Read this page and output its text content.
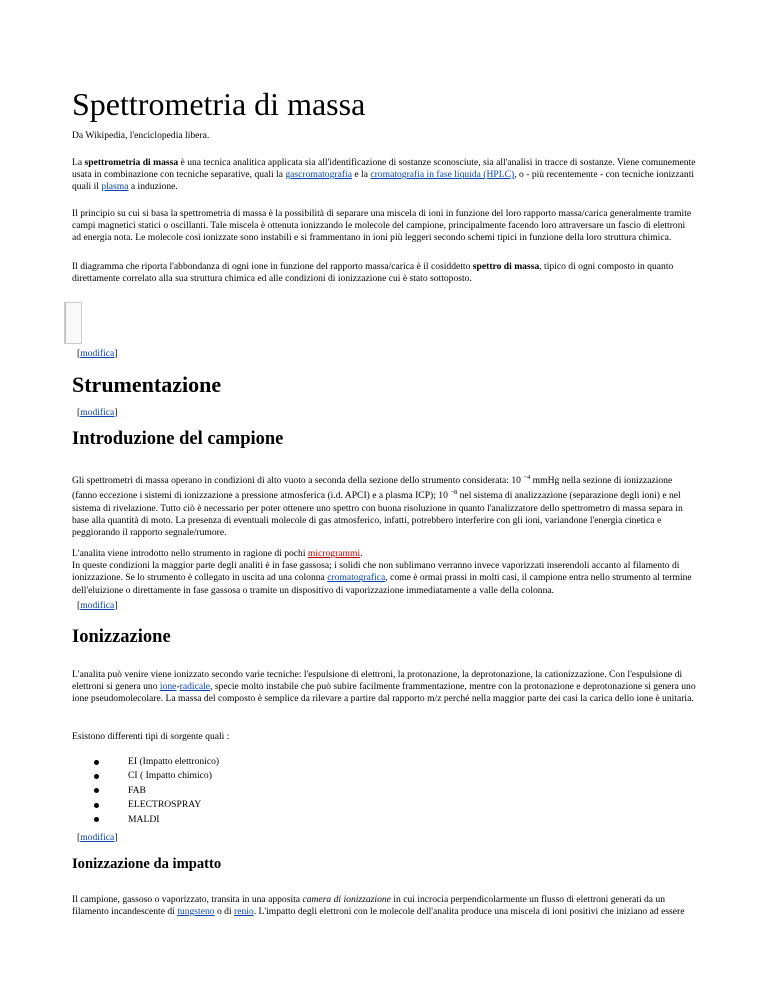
Spettrometria di massa

Da Wikipedia, l'enciclopedia libera.

La spettrometria di massa è una tecnica analitica applicata sia all'identificazione di sostanze sconosciute, sia all'analisi in tracce di sostanze. Viene comunemente usata in combinazione con tecniche separative, quali la gascromatografia e la cromatografia in fase liquida (HPLC), o - più recentemente - con tecniche ionizzanti quali il plasma a induzione.

Il principio su cui si basa la spettrometria di massa è la possibilità di separare una miscela di ioni in funzione del loro rapporto massa/carica generalmente tramite campi magnetici statici o oscillanti. Tale miscela è ottenuta ionizzando le molecole del campione, principalmente facendo loro attraversare un fascio di elettroni ad energia nota. Le molecole così ionizzate sono instabili e si frammentano in ioni più leggeri secondo schemi tipici in funzione della loro struttura chimica.

Il diagramma che riporta l'abbondanza di ogni ione in funzione del rapporto massa/carica è il cosiddetto spettro di massa, tipico di ogni composto in quanto direttamente correlato alla sua struttura chimica ed alle condizioni di ionizzazione cui è stato sottoposto.

[modifica]
Strumentazione
[modifica]
Introduzione del campione

Gli spettrometri di massa operano in condizioni di alto vuoto a seconda della sezione dello strumento considerata: 10 $^{-4}$ mmHg nella sezione di ionizzazione (fanno eccezione i sistemi di ionizzazione a pressione atmosferica (i.d. APCI) e a plasma ICP); 10 $^{-8}$ nel sistema di analizzazione (separazione degli ioni) e nel sistema di rivelazione. Tutto ciò è necessario per poter ottenere uno spettro con buona risoluzione in quanto l'analizzatore dello spettrometro di massa separa in base alla quantità di moto. La presenza di eventuali molecole di gas atmosferico, infatti, potrebbero interferire con gli ioni, variandone l'energia cinetica e peggiorando il rapporto segnale/rumore.

L'analita viene introdotto nello strumento in ragione di pochi microgrammi.
In queste condizioni la maggior parte degli analiti è in fase gassosa; i solidi che non sublimano verranno invece vaporizzati inserendoli accanto al filamento di ionizzazione. Se lo strumento è collegato in uscita ad una colonna cromatografica, come è ormai prassi in molti casi, il campione entra nello strumento al termine dell'eluizione o direttamente in fase gassosa o tramite un dispositivo di vaporizzazione immediatamente a valle della colonna.

[modifica]
Ionizzazione

L'analita può venire viene ionizzato secondo varie tecniche: l'espulsione di elettroni, la protonazione, la deprotonazione, la cationizzazione. Con l'espulsione di elettroni si genera uno ione-radicale, specie molto instabile che può subire facilmente frammentazione, mentre con la protonazione e deprotonazione si genera uno ione pseudomolecolare. La massa del composto è semplice da rilevare a partire dal rapporto m/z perché nella maggior parte dei casi la carica dello ione è unitaria.

Esistono differenti tipi di sorgente quali :

EI (Impatto elettronico)
CI ( Impatto chimico)
FAB
ELECTROSPRAY
MALDI
[modifica]
Ionizzazione da impatto

Il campione, gassoso o vaporizzato, transita in una apposita camera di ionizzazione in cui incrocia perpendicolarmente un flusso di elettroni generati da un filamento incandescente di tungsteno o di renio. L'impatto degli elettroni con le molecole dell'analita produce una miscela di ioni positivi che iniziano ad essere
